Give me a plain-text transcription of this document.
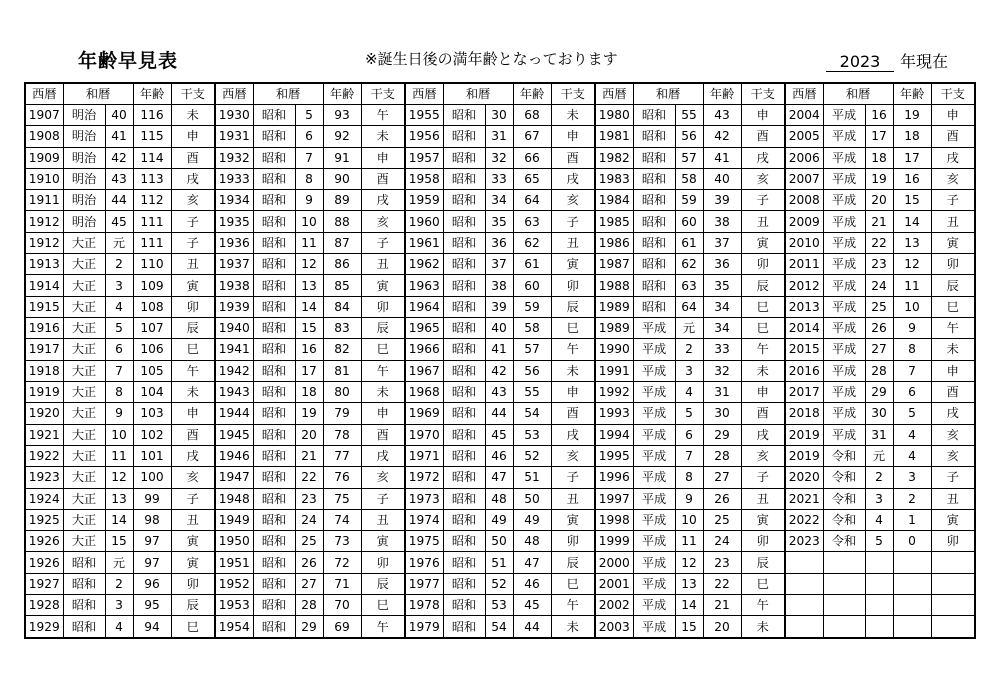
年齢早見表	※誕生日後の満年齢となっております	2023 年現在
西暦	和暦		年齢	干支	西暦	和暦		年齢	干支	西暦	和暦		年齢	干支	西暦	和暦		年齢	干支	西暦	和暦		年齢	干支
1907	明治	40	116	未	1930	昭和	5	93	午	1955	昭和	30	68	未	1980	昭和	55	43	申	2004	平成	16	19	申
1908	明治	41	115	申	1931	昭和	6	92	未	1956	昭和	31	67	申	1981	昭和	56	42	酉	2005	平成	17	18	酉
1909	明治	42	114	酉	1932	昭和	7	91	申	1957	昭和	32	66	酉	1982	昭和	57	41	戌	2006	平成	18	17	戌
1910	明治	43	113	戌	1933	昭和	8	90	酉	1958	昭和	33	65	戌	1983	昭和	58	40	亥	2007	平成	19	16	亥
1911	明治	44	112	亥	1934	昭和	9	89	戌	1959	昭和	34	64	亥	1984	昭和	59	39	子	2008	平成	20	15	子
1912	明治	45	111	子	1935	昭和	10	88	亥	1960	昭和	35	63	子	1985	昭和	60	38	丑	2009	平成	21	14	丑
1912	大正	元	111	子	1936	昭和	11	87	子	1961	昭和	36	62	丑	1986	昭和	61	37	寅	2010	平成	22	13	寅
1913	大正	2	110	丑	1937	昭和	12	86	丑	1962	昭和	37	61	寅	1987	昭和	62	36	卯	2011	平成	23	12	卯
1914	大正	3	109	寅	1938	昭和	13	85	寅	1963	昭和	38	60	卯	1988	昭和	63	35	辰	2012	平成	24	11	辰
1915	大正	4	108	卯	1939	昭和	14	84	卯	1964	昭和	39	59	辰	1989	昭和	64	34	巳	2013	平成	25	10	巳
1916	大正	5	107	辰	1940	昭和	15	83	辰	1965	昭和	40	58	巳	1989	平成	元	34	巳	2014	平成	26	9	午
1917	大正	6	106	巳	1941	昭和	16	82	巳	1966	昭和	41	57	午	1990	平成	2	33	午	2015	平成	27	8	未
1918	大正	7	105	午	1942	昭和	17	81	午	1967	昭和	42	56	未	1991	平成	3	32	未	2016	平成	28	7	申
1919	大正	8	104	未	1943	昭和	18	80	未	1968	昭和	43	55	申	1992	平成	4	31	申	2017	平成	29	6	酉
1920	大正	9	103	申	1944	昭和	19	79	申	1969	昭和	44	54	酉	1993	平成	5	30	酉	2018	平成	30	5	戌
1921	大正	10	102	酉	1945	昭和	20	78	酉	1970	昭和	45	53	戌	1994	平成	6	29	戌	2019	平成	31	4	亥
1922	大正	11	101	戌	1946	昭和	21	77	戌	1971	昭和	46	52	亥	1995	平成	7	28	亥	2019	令和	元	4	亥
1923	大正	12	100	亥	1947	昭和	22	76	亥	1972	昭和	47	51	子	1996	平成	8	27	子	2020	令和	2	3	子
1924	大正	13	99	子	1948	昭和	23	75	子	1973	昭和	48	50	丑	1997	平成	9	26	丑	2021	令和	3	2	丑
1925	大正	14	98	丑	1949	昭和	24	74	丑	1974	昭和	49	49	寅	1998	平成	10	25	寅	2022	令和	4	1	寅
1926	大正	15	97	寅	1950	昭和	25	73	寅	1975	昭和	50	48	卯	1999	平成	11	24	卯	2023	令和	5	0	卯
1926	昭和	元	97	寅	1951	昭和	26	72	卯	1976	昭和	51	47	辰	2000	平成	12	23	辰					
1927	昭和	2	96	卯	1952	昭和	27	71	辰	1977	昭和	52	46	巳	2001	平成	13	22	巳					
1928	昭和	3	95	辰	1953	昭和	28	70	巳	1978	昭和	53	45	午	2002	平成	14	21	午					
1929	昭和	4	94	巳	1954	昭和	29	69	午	1979	昭和	54	44	未	2003	平成	15	20	未					
